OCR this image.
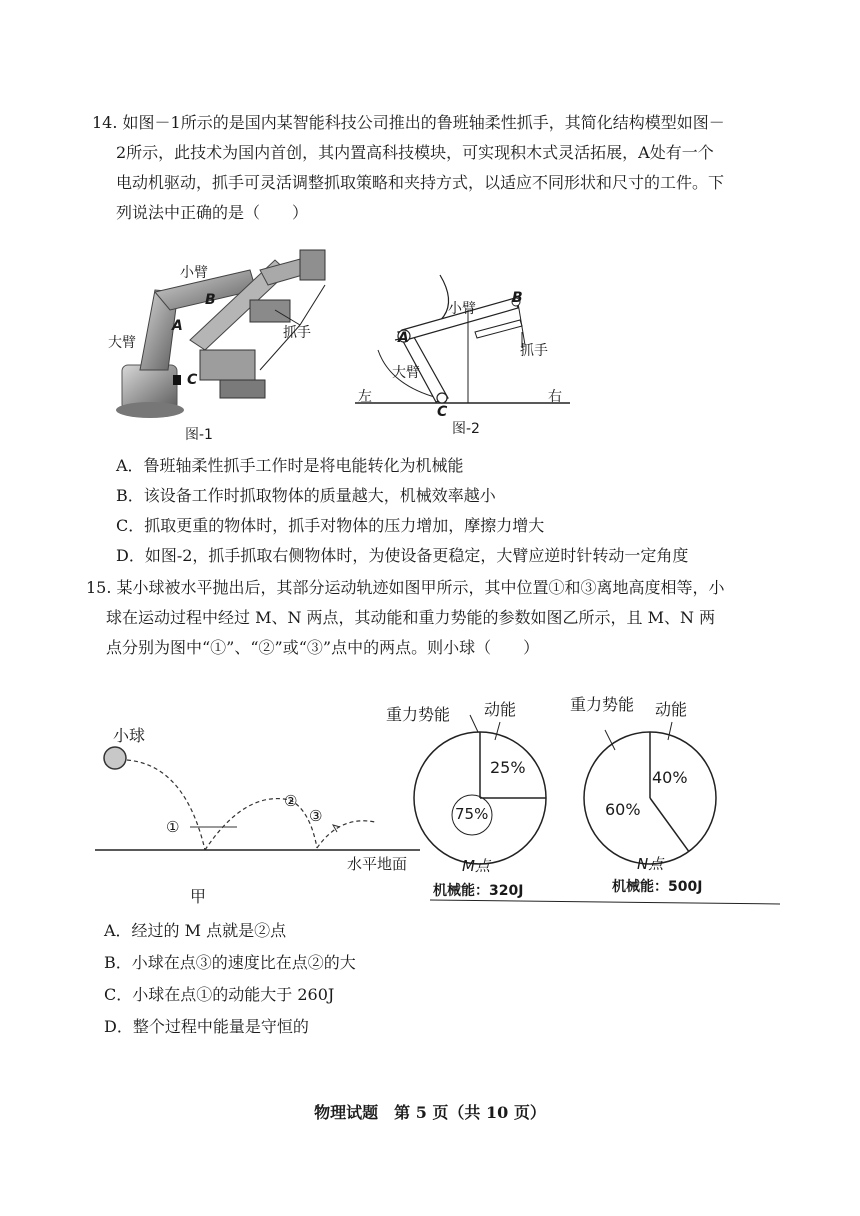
14. 如图－1所示的是国内某智能科技公司推出的鲁班轴柔性抓手，其简化结构模型如图－
2所示，此技术为国内首创，其内置高科技模块，可实现积木式灵活拓展，A处有一个
电动机驱动，抓手可灵活调整抓取策略和夹持方式，以适应不同形状和尺寸的工件。下
列说法中正确的是（　　）
小臂
B
A
大臂
抓手
C
图-1
小臂
B
A
抓手
大臂
左	右
C
图-2
A．鲁班轴柔性抓手工作时是将电能转化为机械能
B．该设备工作时抓取物体的质量越大，机械效率越小
C．抓取更重的物体时，抓手对物体的压力增加，摩擦力增大
D．如图-2，抓手抓取右侧物体时，为使设备更稳定，大臂应逆时针转动一定角度
15. 某小球被水平抛出后，其部分运动轨迹如图甲所示，其中位置①和③离地高度相等，小
球在运动过程中经过 M、N 两点，其动能和重力势能的参数如图乙所示，且 M、N 两
点分别为图中“①”、“②”或“③”点中的两点。则小球（　　）
小球
①
②
③
水平地面
甲
重力势能 动能
25%
75%
M点
机械能：320J
重力势能 动能
40%
60%
N点
机械能：500J
A．经过的 M 点就是②点
B．小球在点③的速度比在点②的大
C．小球在点①的动能大于 260J
D．整个过程中能量是守恒的
物理试题　第 5 页（共 10 页）
